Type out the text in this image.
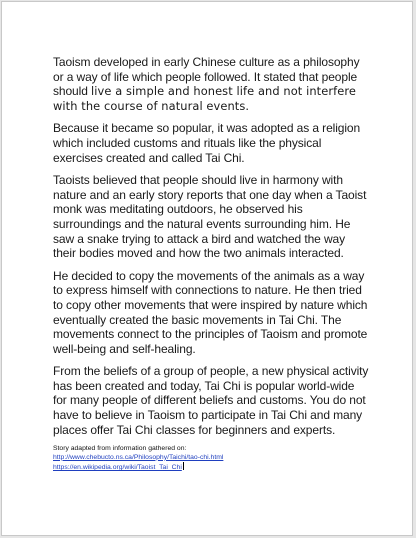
Taoism developed in early Chinese culture as a philosophy or a way of life which people followed. It stated that people should live a simple and honest life and not interfere with the course of natural events.

Because it became so popular, it was adopted as a religion which included customs and rituals like the physical exercises created and called Tai Chi.

Taoists believed that people should live in harmony with nature and an early story reports that one day when a Taoist monk was meditating outdoors, he observed his surroundings and the natural events surrounding him. He saw a snake trying to attack a bird and watched the way their bodies moved and how the two animals interacted.

He decided to copy the movements of the animals as a way to express himself with connections to nature. He then tried to copy other movements that were inspired by nature which eventually created the basic movements in Tai Chi. The movements connect to the principles of Taoism and promote well-being and self-healing.

From the beliefs of a group of people, a new physical activity has been created and today, Tai Chi is popular world-wide for many people of different beliefs and customs. You do not have to believe in Taoism to participate in Tai Chi and many places offer Tai Chi classes for beginners and experts.

Story adapted from information gathered on:
http://www.chebucto.ns.ca/Philosophy/Taichi/tao-chi.html
https://en.wikipedia.org/wiki/Taoist_Tai_Chi
